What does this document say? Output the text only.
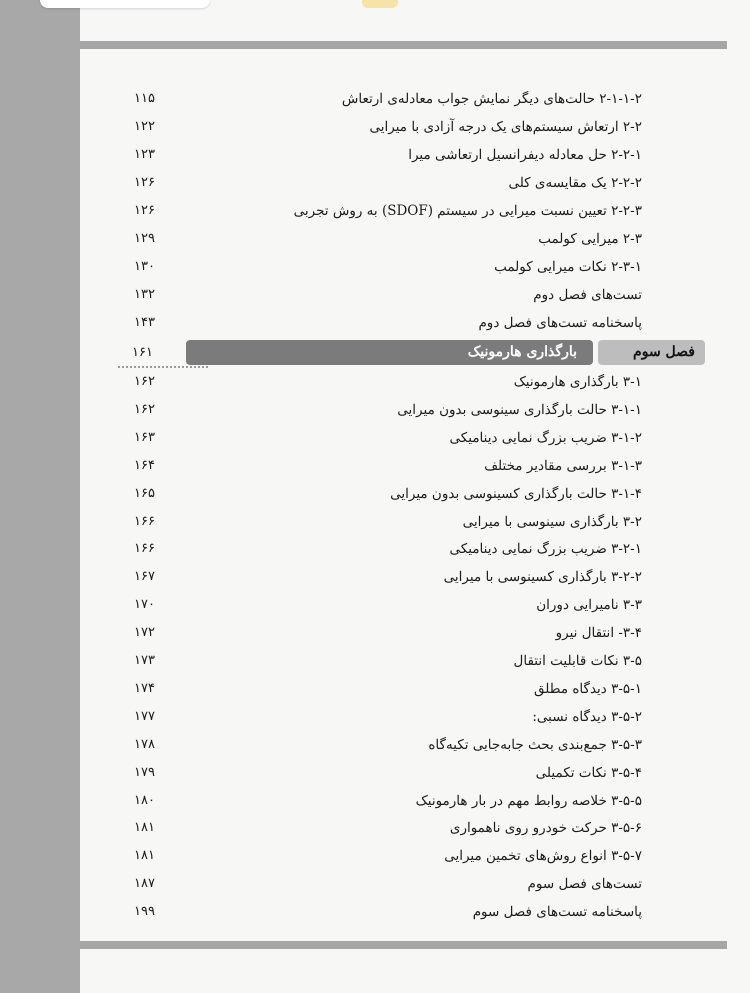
۲-۱-۱-۲ حالت‌های دیگر نمایش جواب معادله‌ی ارتعاش
۱۱۵
۲-۲ ارتعاش سیستم‌های یک درجه آزادی با میرایی
۱۲۲
۲-۲-۱ حل معادله دیفرانسیل ارتعاشی میرا
۱۲۳
۲-۲-۲ یک مقایسه‌ی کلی
۱۲۶
۲-۲-۳ تعیین نسبت میرایی در سیستم (SDOF) به روش تجربی
۱۲۶
۲-۳ میرایی کولمب
۱۲۹
۲-۳-۱ نکات میرایی کولمب
۱۳۰
تست‌های فصل دوم
۱۳۲
پاسخنامه تست‌های فصل دوم
۱۴۳
۱۶۱	بارگذاری هارمونیک	فصل سوم
۳-۱ بارگذاری هارمونیک
۱۶۲
۳-۱-۱ حالت بارگذاری سینوسی بدون میرایی
۱۶۲
۳-۱-۲ ضریب بزرگ نمایی دینامیکی
۱۶۳
۳-۱-۳ بررسی مقادیر مختلف
۱۶۴
۳-۱-۴ حالت بارگذاری کسینوسی بدون میرایی
۱۶۵
۳-۲ بارگذاری سینوسی با میرایی
۱۶۶
۳-۲-۱ ضریب بزرگ نمایی دینامیکی
۱۶۶
۳-۲-۲ بارگذاری کسینوسی با میرایی
۱۶۷
۳-۳ نامیرایی دوران
۱۷۰
۳-۴- انتقال نیرو
۱۷۲
۳-۵ نکات قابلیت انتقال
۱۷۳
۳-۵-۱ دیدگاه مطلق
۱۷۴
۳-۵-۲ دیدگاه نسبی:
۱۷۷
۳-۵-۳ جمع‌بندی بحث جابه‌جایی تکیه‌گاه
۱۷۸
۳-۵-۴ نکات تکمیلی
۱۷۹
۳-۵-۵ خلاصه روابط مهم در بار هارمونیک
۱۸۰
۳-۵-۶ حرکت خودرو روی ناهمواری
۱۸۱
۳-۵-۷ انواع روش‌های تخمین میرایی
۱۸۱
تست‌های فصل سوم
۱۸۷
پاسخنامه تست‌های فصل سوم
۱۹۹
